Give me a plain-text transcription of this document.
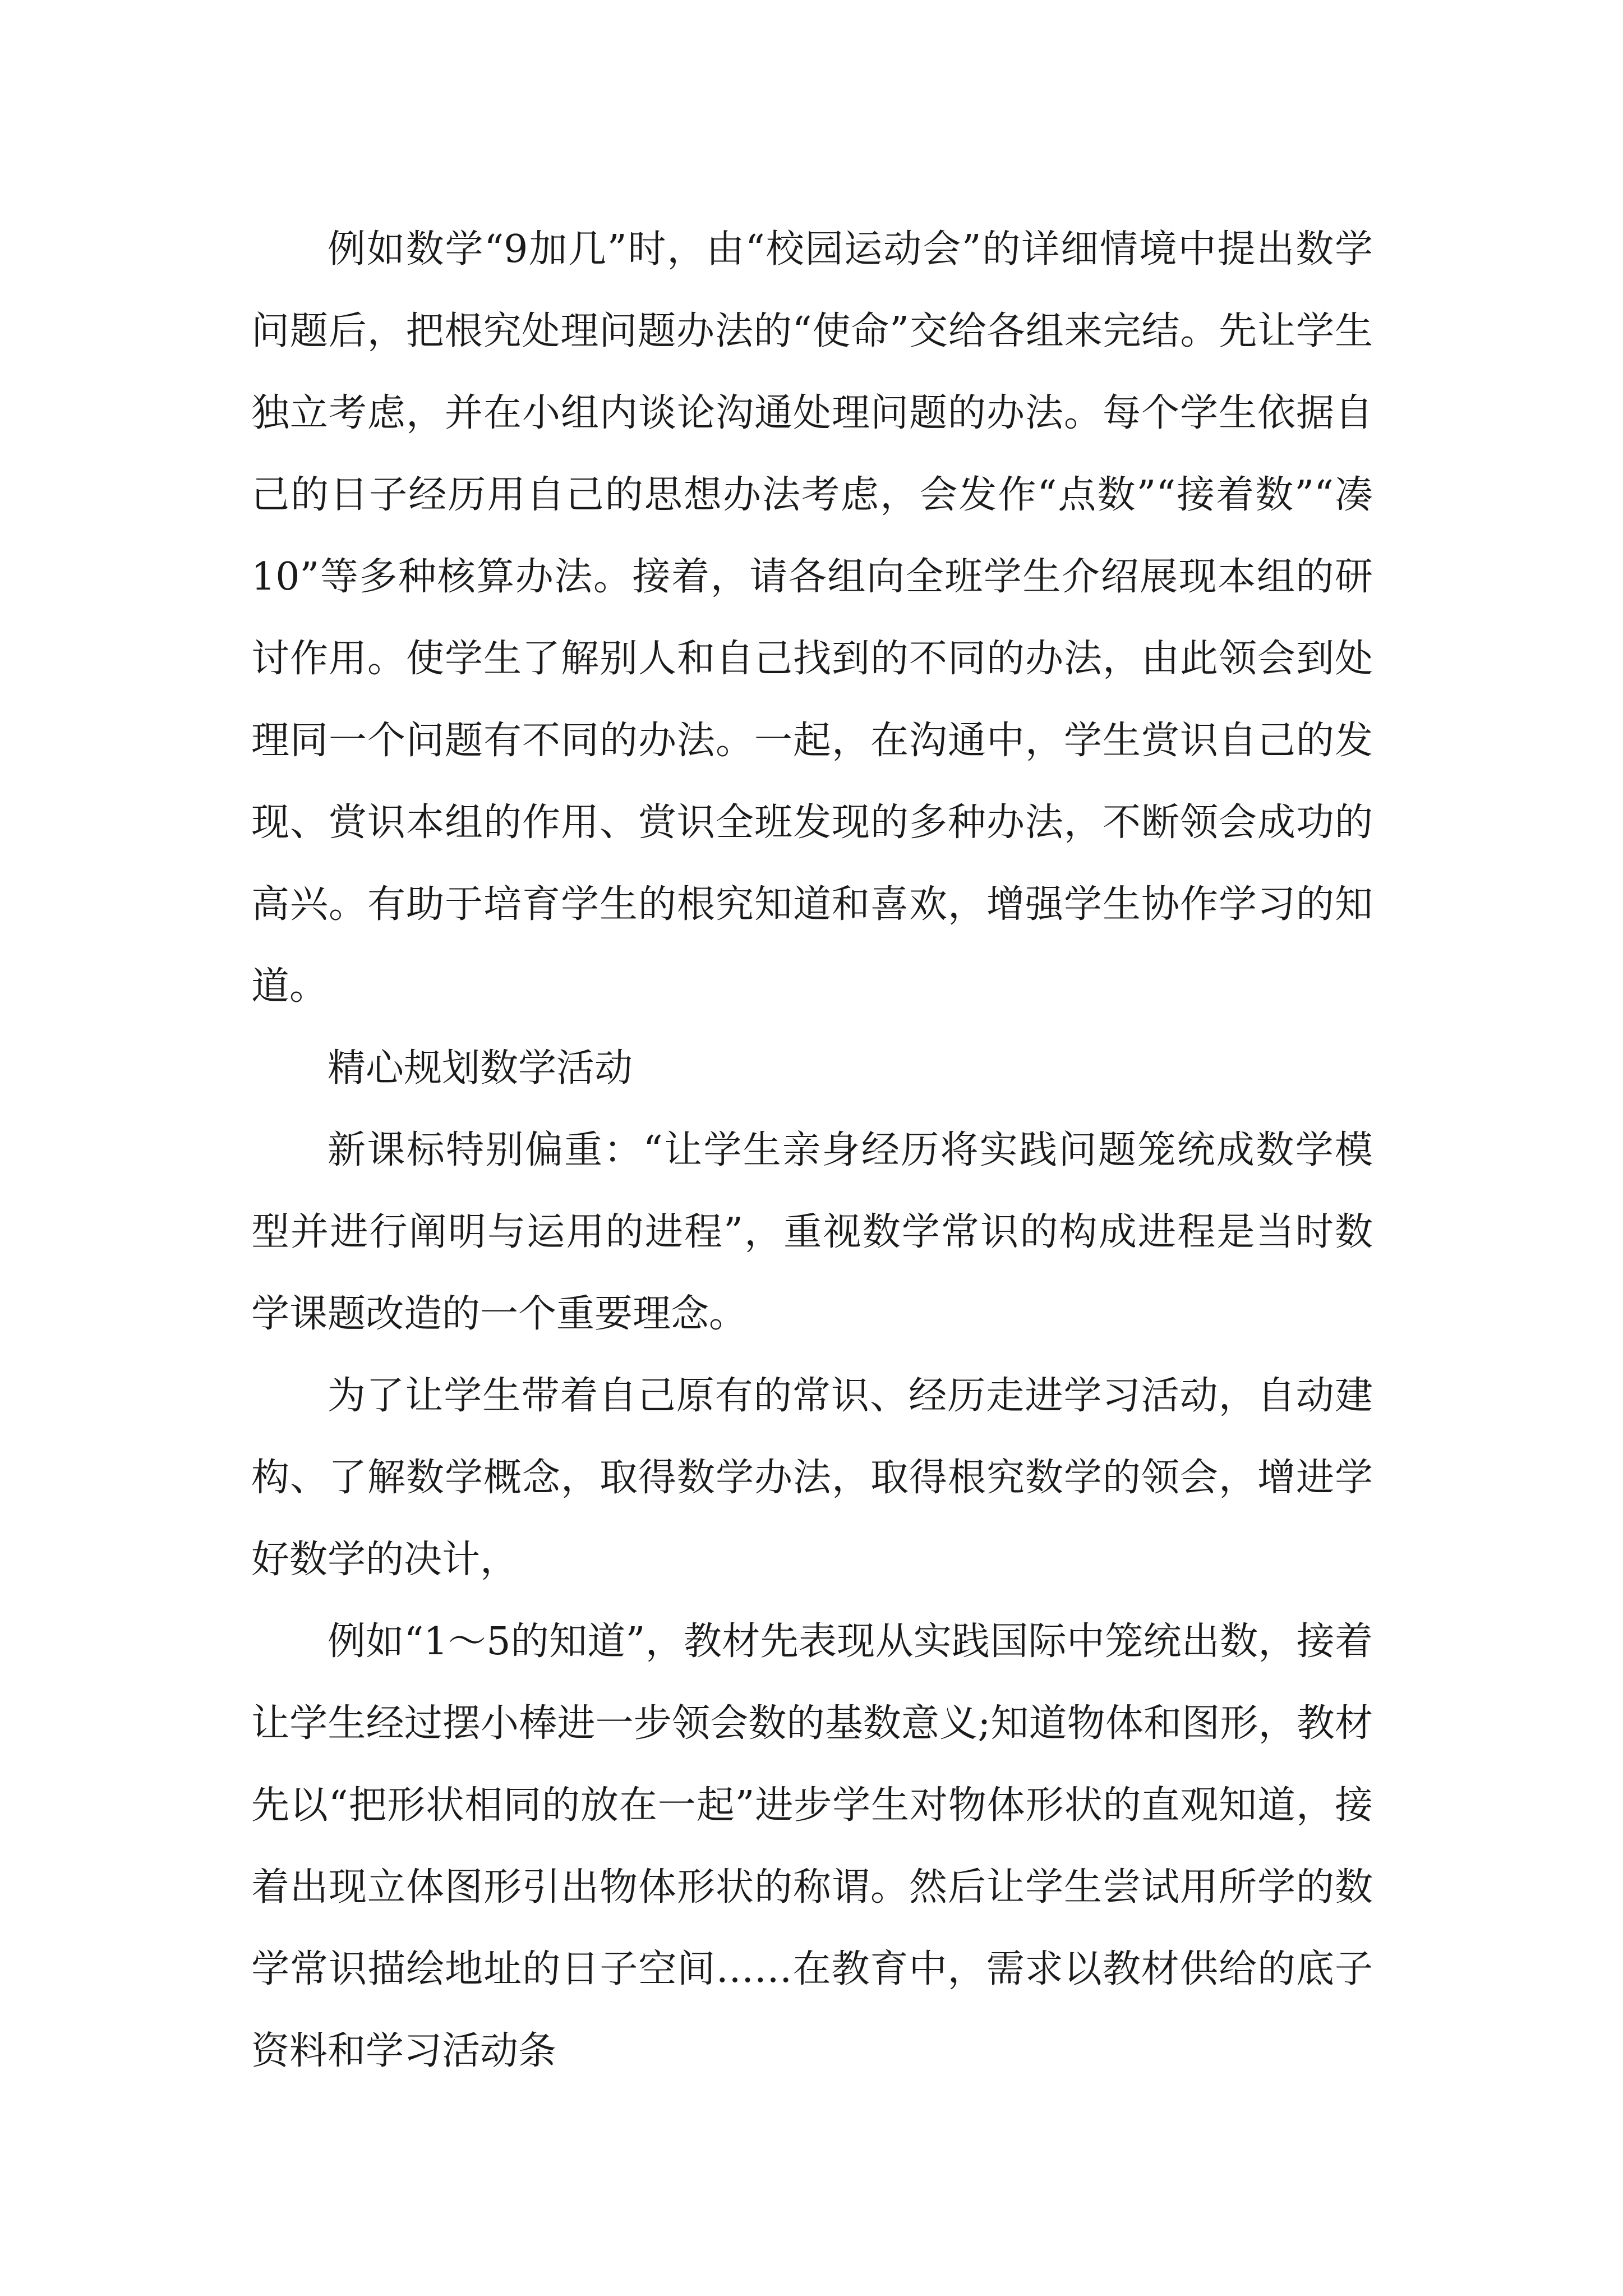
例如数学“9加几”时，由“校园运动会”的详细情境中提出数学问题后，把根究处理问题办法的“使命”交给各组来完结。先让学生独立考虑，并在小组内谈论沟通处理问题的办法。每个学生依据自己的日子经历用自己的思想办法考虑，会发作“点数”“接着数”“凑10”等多种核算办法。接着，请各组向全班学生介绍展现本组的研讨作用。使学生了解别人和自己找到的不同的办法，由此领会到处理同一个问题有不同的办法。一起，在沟通中，学生赏识自己的发现、赏识本组的作用、赏识全班发现的多种办法，不断领会成功的高兴。有助于培育学生的根究知道和喜欢，增强学生协作学习的知道。

精心规划数学活动

新课标特别偏重：“让学生亲身经历将实践问题笼统成数学模型并进行阐明与运用的进程”，重视数学常识的构成进程是当时数学课题改造的一个重要理念。

为了让学生带着自己原有的常识、经历走进学习活动，自动建构、了解数学概念，取得数学办法，取得根究数学的领会，增进学好数学的决计，

例如“1～5的知道”，教材先表现从实践国际中笼统出数，接着让学生经过摆小棒进一步领会数的基数意义;知道物体和图形，教材先以“把形状相同的放在一起”进步学生对物体形状的直观知道，接着出现立体图形引出物体形状的称谓。然后让学生尝试用所学的数学常识描绘地址的日子空间……在教育中，需求以教材供给的底子资料和学习活动条
